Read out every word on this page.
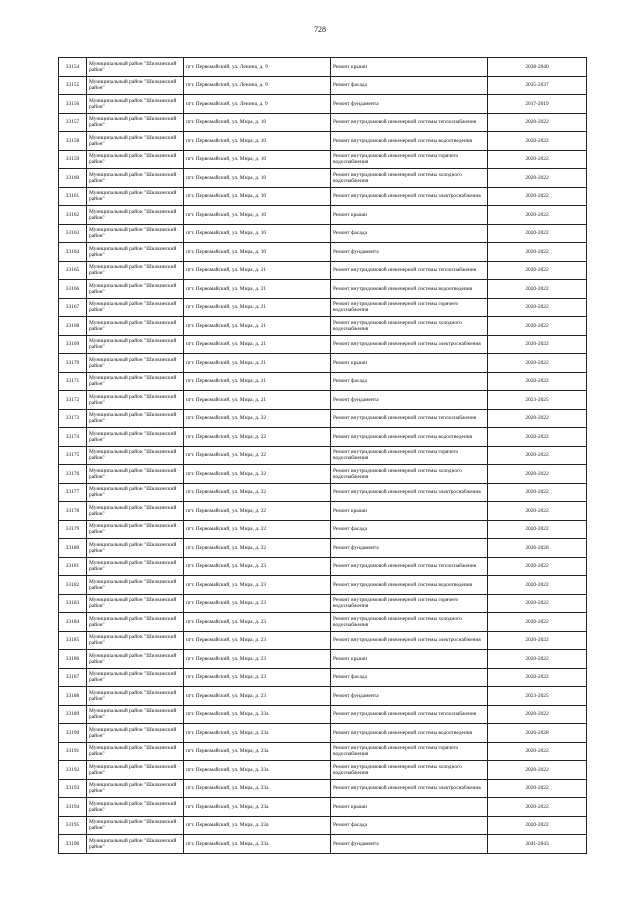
728
33154	Муниципальный район "Шилкинский район"	пгт. Первомайский, ул. Ленина, д. 9	Ремонт крыши	2038-2040
33155	Муниципальный район "Шилкинский район"	пгт. Первомайский, ул. Ленина, д. 9	Ремонт фасада	2035-2037
33156	Муниципальный район "Шилкинский район"	пгт. Первомайский, ул. Ленина, д. 9	Ремонт фундамента	2017-2019
33157	Муниципальный район "Шилкинский район"	пгт. Первомайский, ул. Мира, д. 10	Ремонт внутридомовой инженерной системы теплоснабжения	2020-2022
33158	Муниципальный район "Шилкинский район"	пгт. Первомайский, ул. Мира, д. 10	Ремонт внутридомовой инженерной системы водоотведения	2020-2022
33159	Муниципальный район "Шилкинский район"	пгт. Первомайский, ул. Мира, д. 10	Ремонт внутридомовой инженерной системы горячего водоснабжения	2020-2022
33160	Муниципальный район "Шилкинский район"	пгт. Первомайский, ул. Мира, д. 10	Ремонт внутридомовой инженерной системы холодного водоснабжения	2020-2022
33161	Муниципальный район "Шилкинский район"	пгт. Первомайский, ул. Мира, д. 10	Ремонт внутридомовой инженерной системы электроснабжения	2020-2022
33162	Муниципальный район "Шилкинский район"	пгт. Первомайский, ул. Мира, д. 10	Ремонт крыши	2020-2022
33163	Муниципальный район "Шилкинский район"	пгт. Первомайский, ул. Мира, д. 10	Ремонт фасада	2020-2022
33164	Муниципальный район "Шилкинский район"	пгт. Первомайский, ул. Мира, д. 10	Ремонт фундамента	2020-2022
33165	Муниципальный район "Шилкинский район"	пгт. Первомайский, ул. Мира, д. 21	Ремонт внутридомовой инженерной системы теплоснабжения	2020-2022
33166	Муниципальный район "Шилкинский район"	пгт. Первомайский, ул. Мира, д. 21	Ремонт внутридомовой инженерной системы водоотведения	2020-2022
33167	Муниципальный район "Шилкинский район"	пгт. Первомайский, ул. Мира, д. 21	Ремонт внутридомовой инженерной системы горячего водоснабжения	2020-2022
33168	Муниципальный район "Шилкинский район"	пгт. Первомайский, ул. Мира, д. 21	Ремонт внутридомовой инженерной системы холодного водоснабжения	2020-2022
33169	Муниципальный район "Шилкинский район"	пгт. Первомайский, ул. Мира, д. 21	Ремонт внутридомовой инженерной системы электроснабжения	2020-2022
33170	Муниципальный район "Шилкинский район"	пгт. Первомайский, ул. Мира, д. 21	Ремонт крыши	2020-2022
33171	Муниципальный район "Шилкинский район"	пгт. Первомайский, ул. Мира, д. 21	Ремонт фасада	2020-2022
33172	Муниципальный район "Шилкинский район"	пгт. Первомайский, ул. Мира, д. 21	Ремонт фундамента	2023-2025
33173	Муниципальный район "Шилкинский район"	пгт. Первомайский, ул. Мира, д. 22	Ремонт внутридомовой инженерной системы теплоснабжения	2020-2022
33174	Муниципальный район "Шилкинский район"	пгт. Первомайский, ул. Мира, д. 22	Ремонт внутридомовой инженерной системы водоотведения	2020-2022
33175	Муниципальный район "Шилкинский район"	пгт. Первомайский, ул. Мира, д. 22	Ремонт внутридомовой инженерной системы горячего водоснабжения	2020-2022
33176	Муниципальный район "Шилкинский район"	пгт. Первомайский, ул. Мира, д. 22	Ремонт внутридомовой инженерной системы холодного водоснабжения	2020-2022
33177	Муниципальный район "Шилкинский район"	пгт. Первомайский, ул. Мира, д. 22	Ремонт внутридомовой инженерной системы электроснабжения	2020-2022
33178	Муниципальный район "Шилкинский район"	пгт. Первомайский, ул. Мира, д. 22	Ремонт крыши	2020-2022
33179	Муниципальный район "Шилкинский район"	пгт. Первомайский, ул. Мира, д. 22	Ремонт фасада	2020-2022
33180	Муниципальный район "Шилкинский район"	пгт. Первомайский, ул. Мира, д. 22	Ремонт фундамента	2026-2028
33181	Муниципальный район "Шилкинский район"	пгт. Первомайский, ул. Мира, д. 23	Ремонт внутридомовой инженерной системы теплоснабжения	2020-2022
33182	Муниципальный район "Шилкинский район"	пгт. Первомайский, ул. Мира, д. 23	Ремонт внутридомовой инженерной системы водоотведения	2020-2022
33183	Муниципальный район "Шилкинский район"	пгт. Первомайский, ул. Мира, д. 23	Ремонт внутридомовой инженерной системы горячего водоснабжения	2020-2022
33184	Муниципальный район "Шилкинский район"	пгт. Первомайский, ул. Мира, д. 23	Ремонт внутридомовой инженерной системы холодного водоснабжения	2020-2022
33185	Муниципальный район "Шилкинский район"	пгт. Первомайский, ул. Мира, д. 23	Ремонт внутридомовой инженерной системы электроснабжения	2020-2022
33186	Муниципальный район "Шилкинский район"	пгт. Первомайский, ул. Мира, д. 23	Ремонт крыши	2020-2022
33187	Муниципальный район "Шилкинский район"	пгт. Первомайский, ул. Мира, д. 23	Ремонт фасада	2020-2022
33188	Муниципальный район "Шилкинский район"	пгт. Первомайский, ул. Мира, д. 23	Ремонт фундамента	2023-2025
33189	Муниципальный район "Шилкинский район"	пгт. Первомайский, ул. Мира, д. 23а	Ремонт внутридомовой инженерной системы теплоснабжения	2020-2022
33190	Муниципальный район "Шилкинский район"	пгт. Первомайский, ул. Мира, д. 23а	Ремонт внутридомовой инженерной системы водоотведения	2026-2028
33191	Муниципальный район "Шилкинский район"	пгт. Первомайский, ул. Мира, д. 23а	Ремонт внутридомовой инженерной системы горячего водоснабжения	2020-2022
33192	Муниципальный район "Шилкинский район"	пгт. Первомайский, ул. Мира, д. 23а	Ремонт внутридомовой инженерной системы холодного водоснабжения	2020-2022
33193	Муниципальный район "Шилкинский район"	пгт. Первомайский, ул. Мира, д. 23а	Ремонт внутридомовой инженерной системы электроснабжения	2020-2022
33194	Муниципальный район "Шилкинский район"	пгт. Первомайский, ул. Мира, д. 23а	Ремонт крыши	2020-2022
33195	Муниципальный район "Шилкинский район"	пгт. Первомайский, ул. Мира, д. 23а	Ремонт фасада	2020-2022
33196	Муниципальный район "Шилкинский район"	пгт. Первомайский, ул. Мира, д. 23а	Ремонт фундамента	2041-2043
